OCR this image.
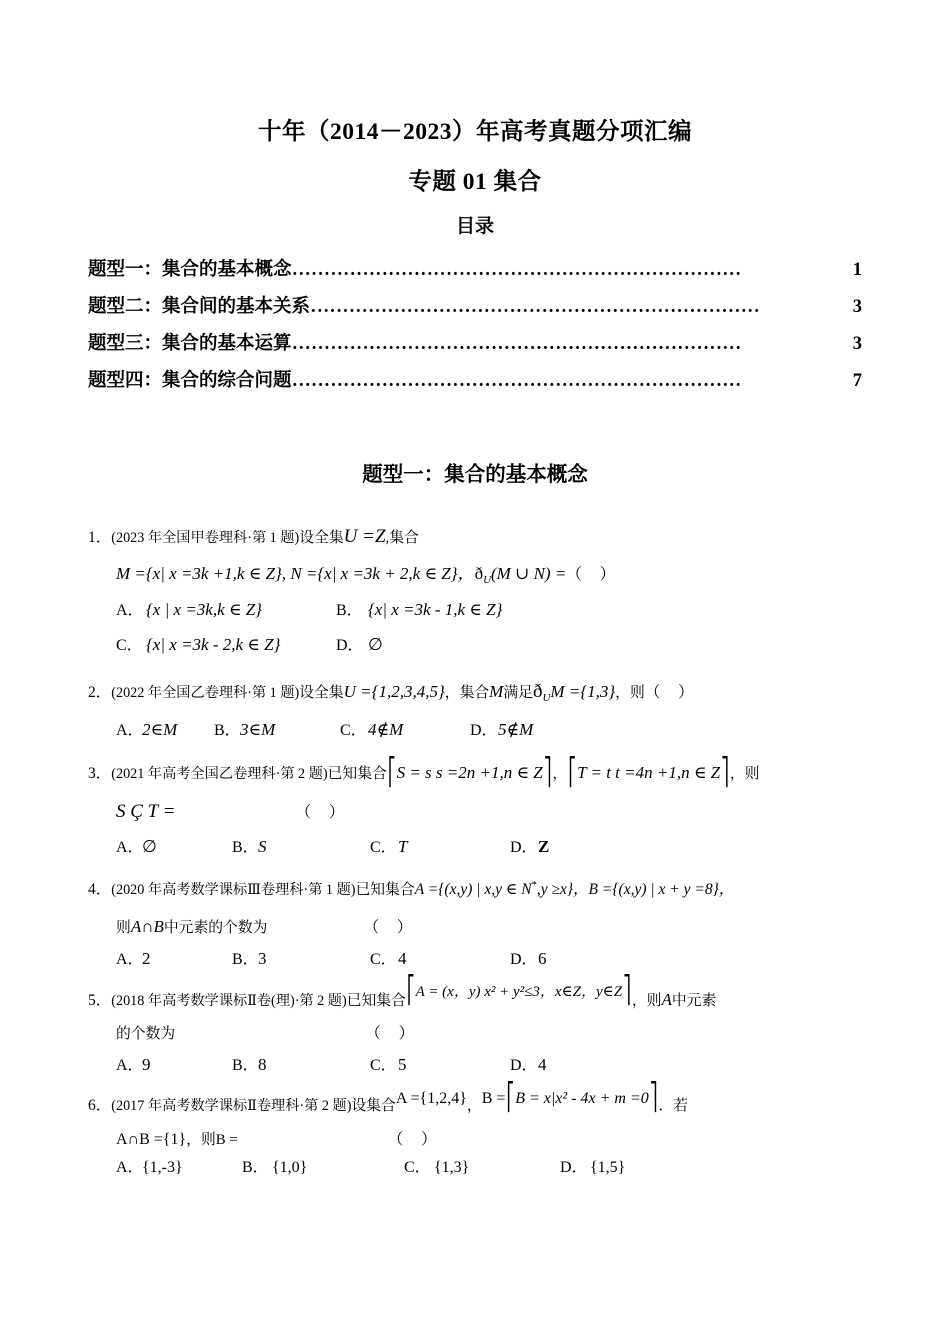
十年（2014－2023）年高考真题分项汇编
专题 01 集合
目录
题型一：集合的基本概念 ......................................................................	1
题型二：集合间的基本关系 ......................................................................	3
题型三：集合的基本运算 ......................................................................	3
题型四：集合的综合问题 ......................................................................	7
题型一：集合的基本概念
1．(2023 年全国甲卷理科·第 1 题)设全集U =Z,集合
M ={x| x =3k +1,k ∈ Z}, N ={x| x =3k + 2,k ∈ Z}，$ð_U(M$ ∪ N) =（ ）
A． {x | x =3k,k ∈ Z}	B． {x| x =3k - 1,k ∈ Z}
C． {x| x =3k - 2,k ∈ Z}	D． ∅
2．(2022 年全国乙卷理科·第 1 题)设全集U ={1,2,3,4,5}，集合M满足$ð_UM =\{1,3\}$，则（ ）
A．2∈M B．3∈M	C．4∉M	D．5∉M
3．(2021 年高考全国乙卷理科·第 2 题)已知集合⎡S = s s =2n +1,n ∈ Z⎤，⎡T = t t =4n +1,n ∈ Z⎤，则
S Ç T =	（ ）
A．∅	B．S	C．T	D．Z
4．(2020 年高考数学课标Ⅲ卷理科·第 1 题)已知集合A ={(x,y) | x,y ∈ N*,y ≥x}，B ={(x,y) | x + y =8}，
则A∩B中元素的个数为	（ ）
A．2	B．3	C．4	D．6
5．(2018 年高考数学课标Ⅱ卷(理)·第 2 题)已知集合⎡A = (x，y) x² + y²≤3，x∈Z，y∈Z⎤，则A中元素
的个数为	（ ）
A．9	B．8	C．5	D．4
6．(2017 年高考数学课标Ⅱ卷理科·第 2 题)设集合A ={1,2,4}，B =⎡B = x|x² - 4x + m =0⎤．若
A∩B ={1}，则B =	（ ）
A．{1,-3}	B． {1,0}	C． {1,3}	D． {1,5}
